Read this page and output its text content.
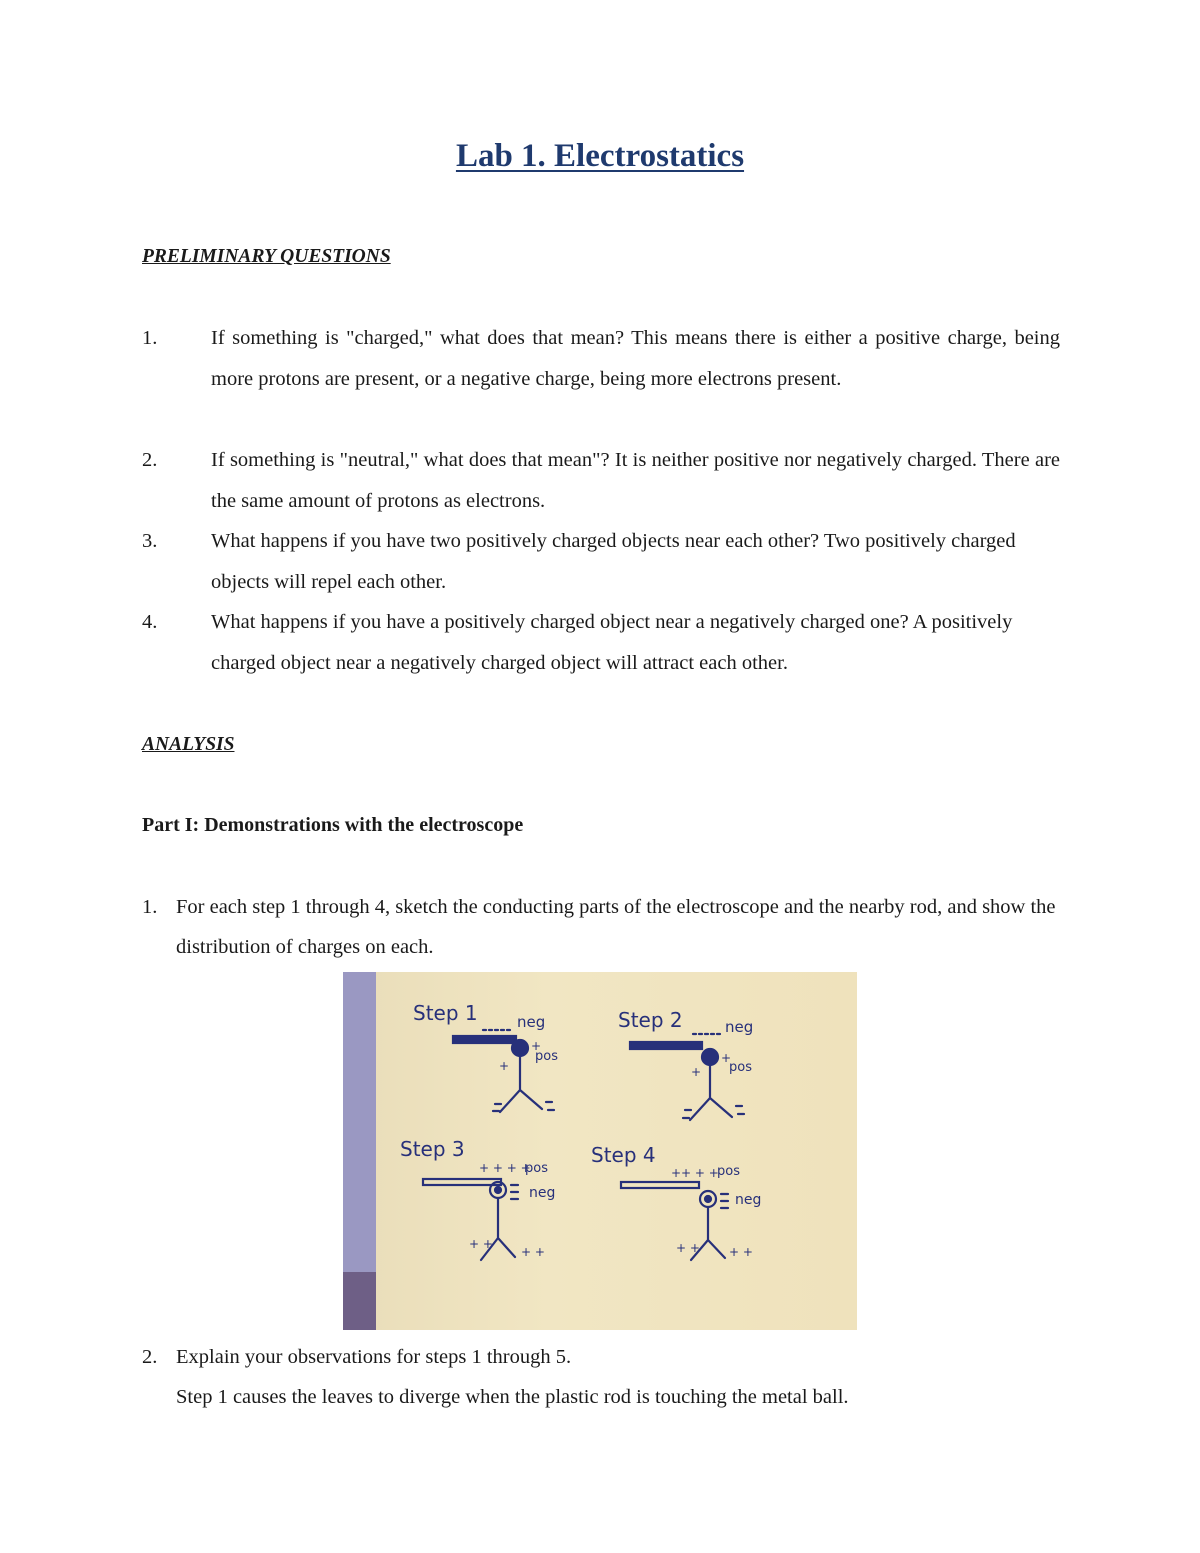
Lab 1. Electrostatics
PRELIMINARY QUESTIONS
1.	If something is "charged," what does that mean? This means there is either a positive charge, being more protons are present, or a negative charge, being more electrons present.
2.	If something is "neutral," what does that mean"? It is neither positive nor negatively charged. There are the same amount of protons as electrons.
3.	What happens if you have two positively charged objects near each other? Two positively charged objects will repel each other.
4.	What happens if you have a positively charged object near a negatively charged one? A positively charged object near a negatively charged object will attract each other.
ANALYSIS
Part I: Demonstrations with the electroscope
1. For each step 1 through 4, sketch the conducting parts of the electroscope and the nearby rod, and show the distribution of charges on each.
Step 1	neg
pos
+
+
Step 2	neg
pos
+
+
Step 3
+ + + +
pos
neg
+ +
+ +
Step 4
++ + +
pos
neg
+ + + +
2. Explain your observations for steps 1 through 5.
Step 1 causes the leaves to diverge when the plastic rod is touching the metal ball.
